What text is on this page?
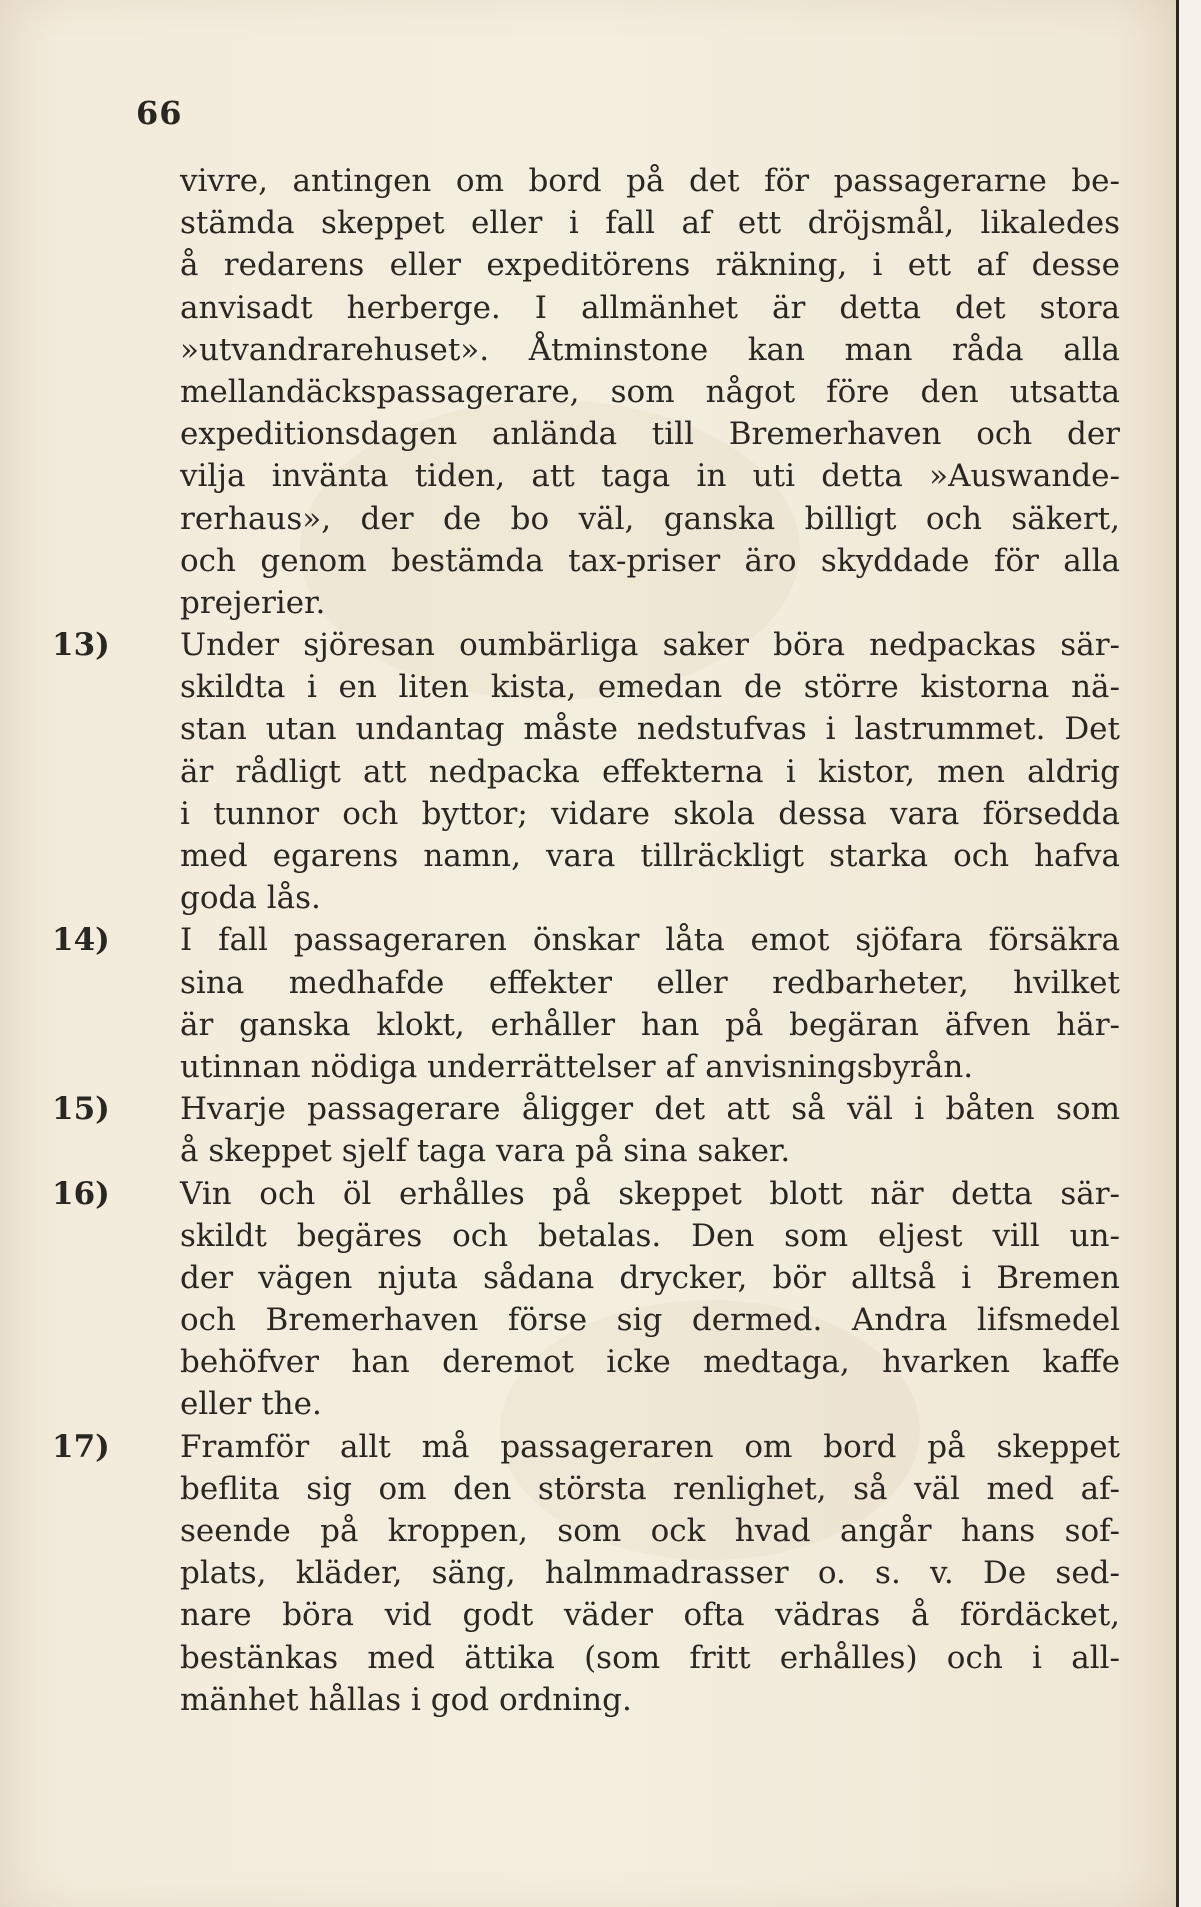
66
vivre, antingen om bord på det för passagerarne be-
stämda skeppet eller i fall af ett dröjsmål, likaledes
å redarens eller expeditörens räkning, i ett af desse
anvisadt herberge. I allmänhet är detta det stora
»utvandrarehuset». Åtminstone kan man råda alla
mellandäckspassagerare, som något före den utsatta
expeditionsdagen anlända till Bremerhaven och der
vilja invänta tiden, att taga in uti detta »Auswande-
rerhaus», der de bo väl, ganska billigt och säkert,
och genom bestämda tax-priser äro skyddade för alla
prejerier.
13) Under sjöresan oumbärliga saker böra nedpackas sär-
skildta i en liten kista, emedan de större kistorna nä-
stan utan undantag måste nedstufvas i lastrummet. Det
är rådligt att nedpacka effekterna i kistor, men aldrig
i tunnor och byttor; vidare skola dessa vara försedda
med egarens namn, vara tillräckligt starka och hafva
goda lås.
14) I fall passageraren önskar låta emot sjöfara försäkra
sina medhafde effekter eller redbarheter, hvilket
är ganska klokt, erhåller han på begäran äfven här-
utinnan nödiga underrättelser af anvisningsbyrån.
15) Hvarje passagerare åligger det att så väl i båten som
å skeppet sjelf taga vara på sina saker.
16) Vin och öl erhålles på skeppet blott när detta sär-
skildt begäres och betalas. Den som eljest vill un-
der vägen njuta sådana drycker, bör alltså i Bremen
och Bremerhaven förse sig dermed. Andra lifsmedel
behöfver han deremot icke medtaga, hvarken kaffe
eller the.
17) Framför allt må passageraren om bord på skeppet
beflita sig om den största renlighet, så väl med af-
seende på kroppen, som ock hvad angår hans sof-
plats, kläder, säng, halmmadrasser o. s. v. De sed-
nare böra vid godt väder ofta vädras å fördäcket,
bestänkas med ättika (som fritt erhålles) och i all-
mänhet hållas i god ordning.
